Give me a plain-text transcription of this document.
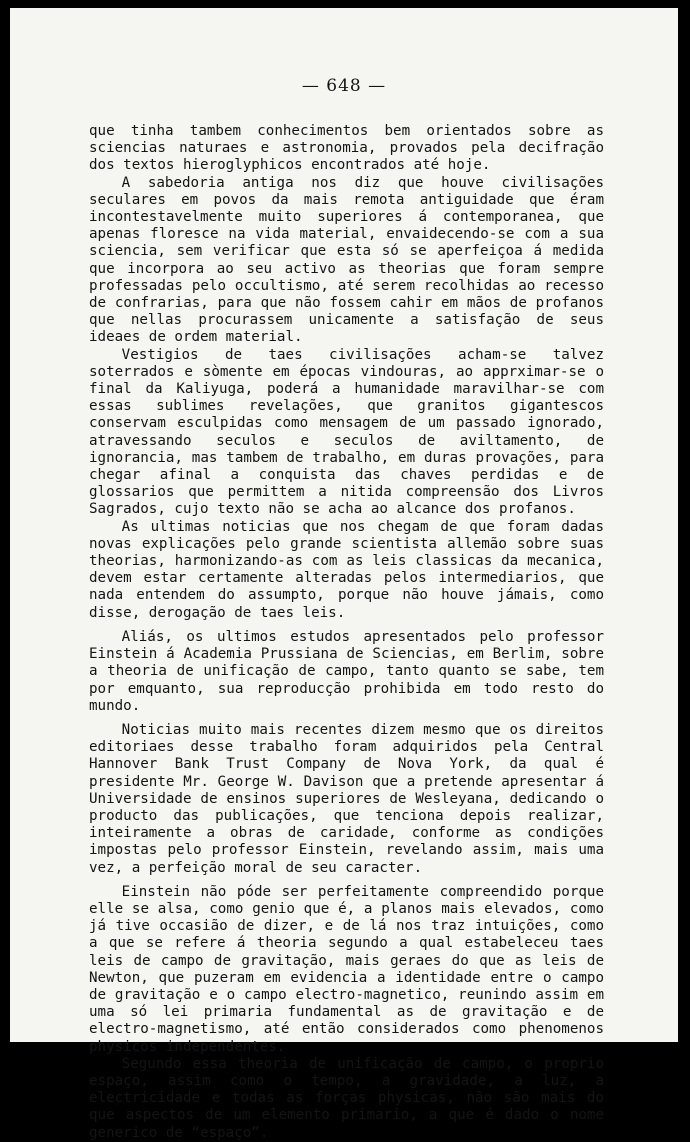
— 648 —

que tinha tambem conhecimentos bem orientados sobre as sciencias naturaes e astronomia, provados pela decifração dos textos hieroglyphicos encontrados até hoje.

A sabedoria antiga nos diz que houve civilisações seculares em povos da mais remota antiguidade que éram incontestavelmente muito superiores á contemporanea, que apenas floresce na vida material, envaidecendo-se com a sua sciencia, sem verificar que esta só se aperfeiçoa á medida que incorpora ao seu activo as theorias que foram sempre professadas pelo occultismo, até serem recolhidas ao recesso de confrarias, para que não fossem cahir em mãos de profanos que nellas procurassem unicamente a satisfação de seus ideaes de ordem material.

Vestigios de taes civilisações acham-se talvez soterrados e sòmente em épocas vindouras, ao apprximar-se o final da Kaliyuga, poderá a humanidade maravilhar-se com essas sublimes revelações, que granitos gigantescos conservam esculpidas como mensagem de um passado ignorado, atravessando seculos e seculos de aviltamento, de ignorancia, mas tambem de trabalho, em duras provações, para chegar afinal a conquista das chaves perdidas e de glossarios que permittem a nitida compreensão dos Livros Sagrados, cujo texto não se acha ao alcance dos profanos.

As ultimas noticias que nos chegam de que foram dadas novas explicações pelo grande scientista allemão sobre suas theorias, harmonizando-as com as leis classicas da mecanica, devem estar certamente alteradas pelos intermediarios, que nada entendem do assumpto, porque não houve jámais, como disse, derogação de taes leis.

Aliás, os ultimos estudos apresentados pelo professor Einstein á Academia Prussiana de Sciencias, em Berlim, sobre a theoria de unificação de campo, tanto quanto se sabe, tem por emquanto, sua reproducção prohibida em todo resto do mundo.

Noticias muito mais recentes dizem mesmo que os direitos editoriaes desse trabalho foram adquiridos pela Central Hannover Bank Trust Company de Nova York, da qual é presidente Mr. George W. Davison que a pretende apresentar á Universidade de ensinos superiores de Wesleyana, dedicando o producto das publicações, que tenciona depois realizar, inteiramente a obras de caridade, conforme as condições impostas pelo professor Einstein, revelando assim, mais uma vez, a perfeição moral de seu caracter.

Einstein não póde ser perfeitamente compreendido porque elle se alsa, como genio que é, a planos mais elevados, como já tive occasião de dizer, e de lá nos traz intuições, como a que se refere á theoria segundo a qual estabeleceu taes leis de campo de gravitação, mais geraes do que as leis de Newton, que puzeram em evidencia a identidade entre o campo de gravitação e o campo electro-magnetico, reunindo assim em uma só lei primaria fundamental as de gravitação e de electro-magnetismo, até então considerados como phenomenos physicos independentes.

Segundo essa theoria de unificação de campo, o proprio espaço, assim como o tempo, a gravidade, a luz, a electricidade e todas as forças physicas, não são mais do que aspectos de um elemento primario, a que é dado o nome generico de “espaço”.
